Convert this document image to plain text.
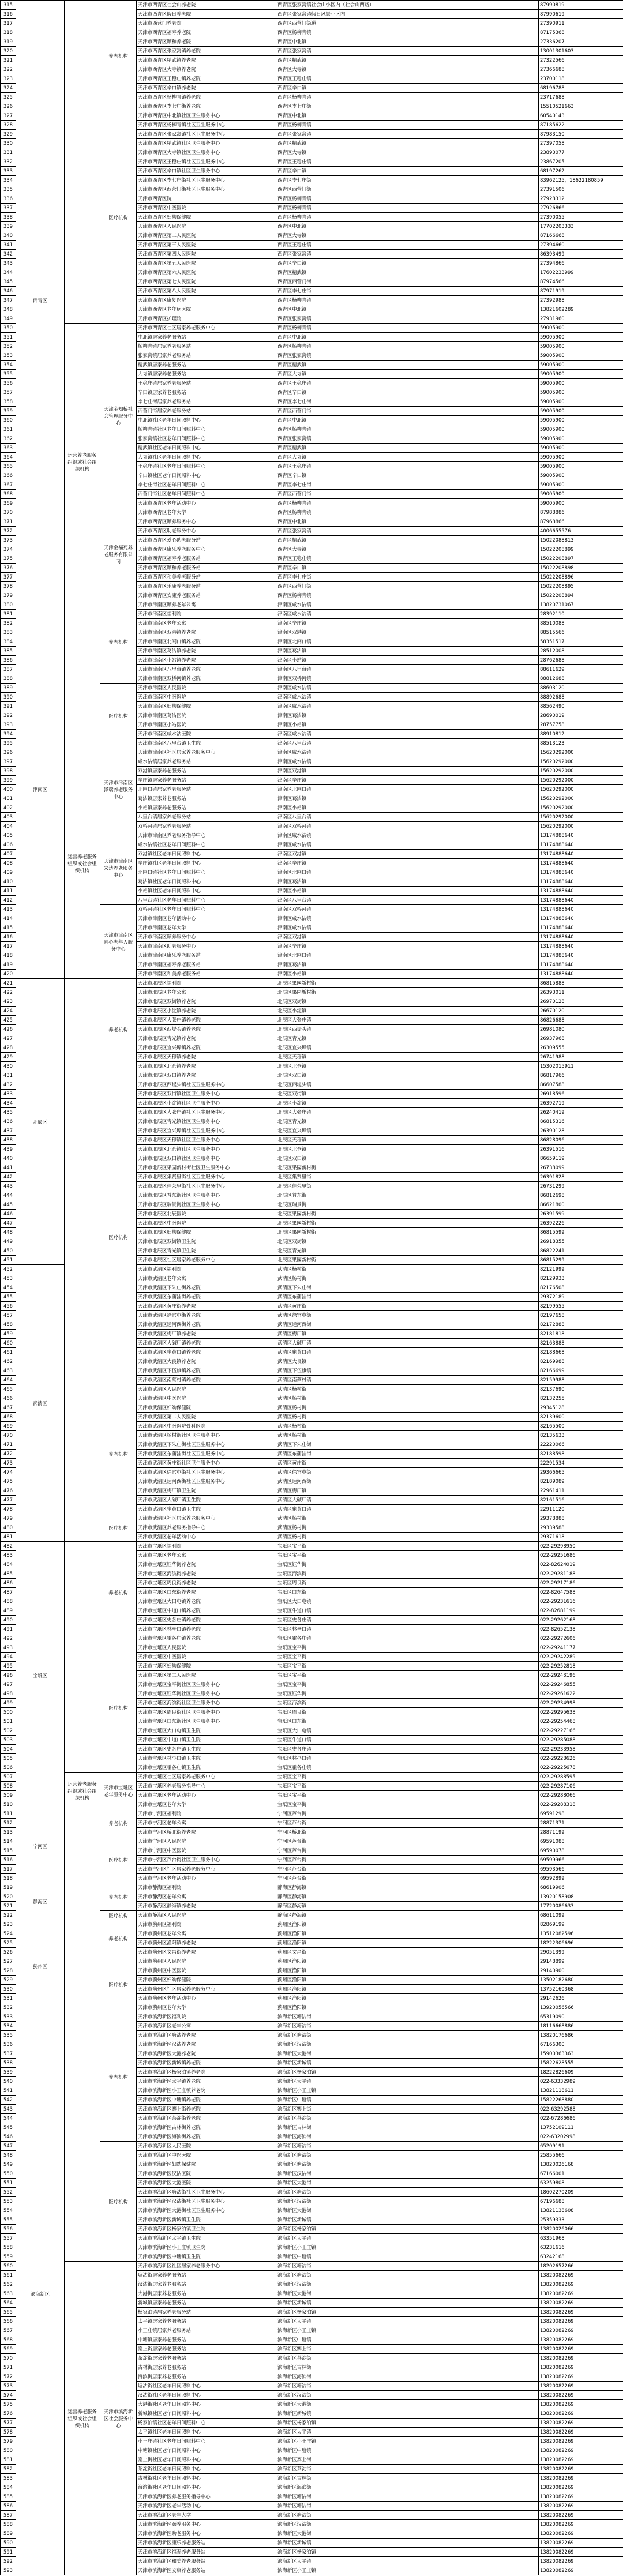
315	西青区		养老机构	天津市西青区社会山养老院	西青区张家窝镇社会山小区内（社会山西路）	87990819
316				天津市西青区假日养老院	西青区张家窝镇假日风景小区内	87990619
317				天津市西营门养老院	西青区西营门街道	27390911
318				天津市西青区福寿养老院	西青区杨柳青镇	87175368
319				天津市西青区颐和养老院	西青区中北镇	27336207
320				天津市西青区张家窝镇养老院	西青区张家窝镇	13001301603
321				天津市西青区精武镇养老院	西青区精武镇	27322566
322				天津市西青区大寺镇养老院	西青区大寺镇	27366688
323				天津市西青区王稳庄镇养老院	西青区王稳庄镇	23700118
324				天津市西青区辛口镇养老院	西青区辛口镇	68196788
325				天津市西青区杨柳青镇养老院	西青区杨柳青镇	23717688
326				天津市西青区李七庄街养老院	西青区李七庄街	15510521663
327			医疗机构	天津市西青区中北镇社区卫生服务中心	西青区中北镇	60540143
328				天津市西青区杨柳青镇社区卫生服务中心	西青区杨柳青镇	87185622
329				天津市西青区张家窝镇社区卫生服务中心	西青区张家窝镇	87983150
330				天津市西青区精武镇社区卫生服务中心	西青区精武镇	27397058
331				天津市西青区大寺镇社区卫生服务中心	西青区大寺镇	23893077
332				天津市西青区王稳庄镇社区卫生服务中心	西青区王稳庄镇	23867205
333				天津市西青区辛口镇社区卫生服务中心	西青区辛口镇	68197262
334				天津市西青区李七庄街社区卫生服务中心	西青区李七庄街	83962125，18622180859
335				天津市西青区西营门街社区卫生服务中心	西青区西营门街	27391506
336				天津市西青医院	西青区杨柳青镇	27928312
337				天津市西青区中医医院	西青区杨柳青镇	27926866
338				天津市西青区妇幼保健院	西青区杨柳青镇	27390055
339				天津市西青区人民医院	西青区中北镇	17702203333
340				天津市西青区第二人民医院	西青区大寺镇	87166668
341				天津市西青区第三人民医院	西青区王稳庄镇	27394660
342				天津市西青区第四人民医院	西青区张家窝镇	86393499
343				天津市西青区第五人民医院	西青区辛口镇	27394866
344				天津市西青区第六人民医院	西青区精武镇	17602233999
345				天津市西青区第七人民医院	西青区西营门街	87974566
346				天津市西青区第八人民医院	西青区李七庄街	87971919
347				天津市西青区康复医院	西青区杨柳青镇	27392988
348				天津市西青区老年病医院	西青区中北镇	13821602289
349				天津市西青区护理院	西青区张家窝镇	27931960
350		运营养老服务组织或社会组织机构	天津金知桥社会管理服务中心	天津市西青区社区居家养老服务中心	西青区杨柳青镇	59005900
351				中北镇居家养老服务站	西青区中北镇	59005900
352				杨柳青镇居家养老服务站	西青区杨柳青镇	59005900
353				张家窝镇居家养老服务站	西青区张家窝镇	59005900
354				精武镇居家养老服务站	西青区精武镇	59005900
355				大寺镇居家养老服务站	西青区大寺镇	59005900
356				王稳庄镇居家养老服务站	西青区王稳庄镇	59005900
357				辛口镇居家养老服务站	西青区辛口镇	59005900
358				李七庄街居家养老服务站	西青区李七庄街	59005900
359				西营门街居家养老服务站	西青区西营门街	59005900
360				中北镇社区老年日间照料中心	西青区中北镇	59005900
361				杨柳青镇社区老年日间照料中心	西青区杨柳青镇	59005900
362				张家窝镇社区老年日间照料中心	西青区张家窝镇	59005900
363				精武镇社区老年日间照料中心	西青区精武镇	59005900
364				大寺镇社区老年日间照料中心	西青区大寺镇	59005900
365				王稳庄镇社区老年日间照料中心	西青区王稳庄镇	59005900
366				辛口镇社区老年日间照料中心	西青区辛口镇	59005900
367				李七庄街社区老年日间照料中心	西青区李七庄街	59005900
368				西营门街社区老年日间照料中心	西青区西营门街	59005900
369				天津市西青区老年活动中心	西青区杨柳青镇	59005900
370			天津金福苑养老服务有限公司	天津市西青区老年大学	西青区杨柳青镇	87988886
371				天津市西青区颐养服务中心	西青区中北镇	87968866
372				天津市西青区助老服务中心	西青区张家窝镇	4006655576
373				天津市西青区爱心助老服务站	西青区精武镇	15022088813
374				天津市西青区康乐养老服务中心	西青区大寺镇	15022208899
375				天津市西青区福寿养老服务站	西青区王稳庄镇	15022208897
376				天津市西青区颐和养老服务站	西青区辛口镇	15022208898
377				天津市西青区和美养老服务站	西青区李七庄街	15022208896
378				天津市西青区乐康养老服务站	西青区西营门街	15022208895
379				天津市西青区安康养老服务站	西青区杨柳青镇	15022208894
380	津南区		养老机构	天津市津南区颐养老年公寓	津南区咸水沽镇	13820731067
381				天津市津南区福利院	津南区咸水沽镇	28392110
382				天津市津南区老年公寓	津南区辛庄镇	88510088
383				天津市津南区双港镇养老院	津南区双港镇	88515566
384				天津市津南区北闸口镇养老院	津南区北闸口镇	58351517
385				天津市津南区葛沽镇养老院	津南区葛沽镇	28512008
386				天津市津南区小站镇养老院	津南区小站镇	28762688
387				天津市津南区八里台镇养老院	津南区八里台镇	88611629
388				天津市津南区双桥河镇养老院	津南区双桥河镇	88812688
389			医疗机构	天津市津南区人民医院	津南区咸水沽镇	88603120
390				天津市津南区中医医院	津南区咸水沽镇	88892688
391				天津市津南区妇幼保健院	津南区咸水沽镇	88562490
392				天津市津南区葛沽医院	津南区葛沽镇	28690019
393				天津市津南区小站医院	津南区小站镇	28757758
394				天津市津南区咸水沽医院	津南区咸水沽镇	88910812
395				天津市津南区八里台镇卫生院	津南区八里台镇	88513123
396		运营养老服务组织或社会组织机构	天津市津南区泽瑞养老服务中心	天津市津南区社区居家养老服务中心	津南区咸水沽镇	15620292000
397				咸水沽镇居家养老服务站	津南区咸水沽镇	15620292000
398				双港镇居家养老服务站	津南区双港镇	15620292000
399				辛庄镇居家养老服务站	津南区辛庄镇	15620292000
400				北闸口镇居家养老服务站	津南区北闸口镇	15620292000
401				葛沽镇居家养老服务站	津南区葛沽镇	15620292000
402				小站镇居家养老服务站	津南区小站镇	15620292000
403				八里台镇居家养老服务站	津南区八里台镇	15620292000
404				双桥河镇居家养老服务站	津南区双桥河镇	15620292000
405			天津市津南区宏达养老服务中心	天津市津南区养老服务指导中心	津南区咸水沽镇	13174888640
406				咸水沽镇社区老年日间照料中心	津南区咸水沽镇	13174888640
407				双港镇社区老年日间照料中心	津南区双港镇	13174888640
408				辛庄镇社区老年日间照料中心	津南区辛庄镇	13174888640
409				北闸口镇社区老年日间照料中心	津南区北闸口镇	13174888640
410				葛沽镇社区老年日间照料中心	津南区葛沽镇	13174888640
411				小站镇社区老年日间照料中心	津南区小站镇	13174888640
412				八里台镇社区老年日间照料中心	津南区八里台镇	13174888640
413			天津市津南区同心老年人服务中心	双桥河镇社区老年日间照料中心	津南区双桥河镇	13174888640
414				天津市津南区老年活动中心	津南区咸水沽镇	13174888640
415				天津市津南区老年大学	津南区咸水沽镇	13174888640
416				天津市津南区颐养服务中心	津南区双港镇	13174888640
417				天津市津南区助老服务中心	津南区辛庄镇	13174888640
418				天津市津南区康乐养老服务站	津南区北闸口镇	13174888640
419				天津市津南区福寿养老服务站	津南区葛沽镇	13174888640
420				天津市津南区和美养老服务站	津南区小站镇	13174888640
421	北辰区		养老机构	天津市北辰区福利院	北辰区果园新村街	86815888
422				天津市北辰区老年公寓	北辰区果园新村街	26393011
423				天津市北辰区双街镇养老院	北辰区双街镇	26970128
424				天津市北辰区小淀镇养老院	北辰区小淀镇	26670120
425				天津市北辰区大张庄镇养老院	北辰区大张庄镇	86826688
426				天津市北辰区西堤头镇养老院	北辰区西堤头镇	26981080
427				天津市北辰区青光镇养老院	北辰区青光镇	26937968
428				天津市北辰区宜兴埠镇养老院	北辰区宜兴埠镇	26309555
429				天津市北辰区天穆镇养老院	北辰区天穆镇	26741988
430				天津市北辰区北仓镇养老院	北辰区北仓镇	15302015911
431				天津市北辰区双口镇养老院	北辰区双口镇	86817966
432			医疗机构	天津市北辰区西堤头镇社区卫生服务中心	北辰区西堤头镇	86607588
433				天津市北辰区双街镇社区卫生服务中心	北辰区双街镇	26918596
434				天津市北辰区小淀镇社区卫生服务中心	北辰区小淀镇	26392719
435				天津市北辰区大张庄镇社区卫生服务中心	北辰区大张庄镇	26240419
436				天津市北辰区青光镇社区卫生服务中心	北辰区青光镇	86815316
437				天津市北辰区宜兴埠镇社区卫生服务中心	北辰区宜兴埠镇	26390128
438				天津市北辰区天穆镇社区卫生服务中心	北辰区天穆镇	86828096
439				天津市北辰区北仓镇社区卫生服务中心	北辰区北仓镇	26391516
440				天津市北辰区双口镇社区卫生服务中心	北辰区双口镇	86659119
441				天津市北辰区果园新村街社区卫生服务中心	北辰区果园新村街	26738099
442				天津市北辰区集贤里街社区卫生服务中心	北辰区集贤里街	26391828
443				天津市北辰区佳荣里街社区卫生服务中心	北辰区佳荣里街	26731299
444				天津市北辰区普东街社区卫生服务中心	北辰区普东街	86812698
445				天津市北辰区瑞景街社区卫生服务中心	北辰区瑞景街	86621800
446				天津市北辰区北辰医院	北辰区果园新村街	26391599
447				天津市北辰区中医医院	北辰区果园新村街	26392226
448				天津市北辰区妇幼保健院	北辰区果园新村街	86815599
449				天津市北辰区双街镇卫生院	北辰区双街镇	26918355
450				天津市北辰区青光镇卫生院	北辰区青光镇	86822241
451				天津市北辰区社区居家养老服务中心	北辰区果园新村街	86815299
452	武清区			天津市武清区福利院	武清区杨村街	82121999
453				天津市武清区老年公寓	武清区杨村街	82129933
454				天津市武清区下朱庄街养老院	武清区下朱庄街	82176508
455				天津市武清区东蒲洼街养老院	武清区东蒲洼街	29372189
456				天津市武清区黄庄街养老院	武清区黄庄街	82199555
457				天津市武清区徐官屯街养老院	武清区徐官屯街	82197658
458				天津市武清区运河西街养老院	武清区运河西街	82172888
459				天津市武清区梅厂镇养老院	武清区梅厂镇	82181818
460				天津市武清区大碱厂镇养老院	武清区大碱厂镇	82163888
461				天津市武清区崔黄口镇养老院	武清区崔黄口镇	82188668
462				天津市武清区大良镇养老院	武清区大良镇	82169988
463				天津市武清区下伍旗镇养老院	武清区下伍旗镇	82166699
464				天津市武清区南蔡村镇养老院	武清区南蔡村镇	82159988
465				天津市武清区人民医院	武清区杨村街	82137690
466			养老机构	天津市武清区中医医院	武清区杨村街	82132255
467				天津市武清区妇幼保健院	武清区杨村街	29345128
468				天津市武清区第二人民医院	武清区杨村街	82139600
469				天津市武清区中医医院骨科医院	武清区杨村街	82165500
470				天津市武清区杨村街社区卫生服务中心	武清区杨村街	82135633
471				天津市武清区下朱庄街社区卫生服务中心	武清区下朱庄街	22220066
472				天津市武清区东蒲洼街社区卫生服务中心	武清区东蒲洼街	82188598
473				天津市武清区黄庄街社区卫生服务中心	武清区黄庄街	22291534
474				天津市武清区徐官屯街社区卫生服务中心	武清区徐官屯街	29366665
475				天津市武清区运河西街社区卫生服务中心	武清区运河西街	82189089
476				天津市武清区梅厂镇卫生院	武清区梅厂镇	22961411
477				天津市武清区大碱厂镇卫生院	武清区大碱厂镇	82161516
478				天津市武清区崔黄口镇卫生院	武清区崔黄口镇	22911120
479			医疗机构	天津市武清区社区居家养老服务中心	武清区杨村街	29378888
480				天津市武清区养老服务指导中心	武清区杨村街	29339588
481				天津市武清区老年活动中心	武清区杨村街	29371618
482	宝坻区		养老机构	天津市宝坻区福利院	宝坻区宝平街	022-29298950
483				天津市宝坻区老年公寓	宝坻区宝平街	022-29251686
484				天津市宝坻区钰华街养老院	宝坻区钰华街	022-82624019
485				天津市宝坻区海滨街养老院	宝坻区海滨街	022-29281188
486				天津市宝坻区周良街养老院	宝坻区周良街	022-29217186
487				天津市宝坻区口东街养老院	宝坻区口东街	022-82647588
488				天津市宝坻区大口屯镇养老院	宝坻区大口屯镇	022-29231616
489				天津市宝坻区牛道口镇养老院	宝坻区牛道口镇	022-82681199
490				天津市宝坻区史各庄镇养老院	宝坻区史各庄镇	022-29262168
491				天津市宝坻区林亭口镇养老院	宝坻区林亭口镇	022-82652138
492				天津市宝坻区霍各庄镇养老院	宝坻区霍各庄镇	022-29272606
493			医疗机构	天津市宝坻区人民医院	宝坻区宝平街	022-29241177
494				天津市宝坻区中医医院	宝坻区宝平街	022-29242289
495				天津市宝坻区妇幼保健院	宝坻区宝平街	022-29252818
496				天津市宝坻区第二人民医院	宝坻区宝平街	022-29243196
497				天津市宝坻区宝平街社区卫生服务中心	宝坻区宝平街	022-29246855
498				天津市宝坻区钰华街社区卫生服务中心	宝坻区钰华街	022-29261622
499				天津市宝坻区海滨街社区卫生服务中心	宝坻区海滨街	022-29234998
500				天津市宝坻区周良街社区卫生服务中心	宝坻区周良街	022-29295638
501				天津市宝坻区口东街社区卫生服务中心	宝坻区口东街	022-29254468
502				天津市宝坻区大口屯镇卫生院	宝坻区大口屯镇	022-29227166
503				天津市宝坻区牛道口镇卫生院	宝坻区牛道口镇	022-29285088
504				天津市宝坻区史各庄镇卫生院	宝坻区史各庄镇	022-29233958
505				天津市宝坻区林亭口镇卫生院	宝坻区林亭口镇	022-29228626
506				天津市宝坻区霍各庄镇卫生院	宝坻区霍各庄镇	022-29225678
507		运营养老服务组织或社会组织机构	天津市宝坻区老年服务中心	天津市宝坻区社区居家养老服务中心	宝坻区宝平街	022-29288595
508				天津市宝坻区养老服务指导中心	宝坻区宝平街	022-29287106
509				天津市宝坻区老年活动中心	宝坻区宝平街	022-29288066
510				天津市宝坻区老年大学	宝坻区宝平街	022-29288318
511	宁河区		养老机构	天津市宁河区福利院	宁河区芦台街	69591298
512				天津市宁河区老年公寓	宁河区芦台街	28871371
513				天津市宁河区桥北街养老院	宁河区桥北街	28871199
514			医疗机构	天津市宁河区人民医院	宁河区芦台街	69591088
515				天津市宁河区中医医院	宁河区芦台街	69590078
516				天津市宁河区芦台街社区卫生服务中心	宁河区芦台街	69599966
517				天津市宁河区社区居家养老服务中心	宁河区芦台街	69593566
518				天津市宁河区老年活动中心	宁河区芦台街	69592899
519	静海区		养老机构	天津市静海区福利院	静海区静海镇	68619906
520				天津市静海区老年公寓	静海区静海镇	13920158908
521				天津市静海区静海镇养老院	静海区静海镇	17720086633
522			医疗机构	天津市静海区人民医院	静海区静海镇	68611099
523	蓟州区		养老机构	天津市蓟州区福利院	蓟州区渔阳镇	82869199
524				天津市蓟州区老年公寓	蓟州区渔阳镇	13512082596
525				天津市蓟州区渔阳镇养老院	蓟州区渔阳镇	18222306696
526				天津市蓟州区文昌街养老院	蓟州区文昌街	29051399
527			医疗机构	天津市蓟州区人民医院	蓟州区渔阳镇	29148899
528				天津市蓟州区中医医院	蓟州区渔阳镇	29140900
529				天津市蓟州区妇幼保健院	蓟州区渔阳镇	13502182680
530				天津市蓟州区社区居家养老服务中心	蓟州区渔阳镇	13752160368
531				天津市蓟州区老年活动中心	蓟州区渔阳镇	29142626
532				天津市蓟州区老年大学	蓟州区渔阳镇	13920056566
533	滨海新区		养老机构	天津市滨海新区福利院	滨海新区塘沽街	65319090
534				天津市滨海新区老年公寓	滨海新区塘沽街	18116668886
535				天津市滨海新区塘沽养老院	滨海新区塘沽街	13820176686
536				天津市滨海新区汉沽养老院	滨海新区汉沽街	67166300
537				天津市滨海新区大港养老院	滨海新区大港街	15900363363
538				天津市滨海新区新城镇养老院	滨海新区新城镇	15822628555
539				天津市滨海新区杨家泊镇养老院	滨海新区杨家泊镇	18222826609
540				天津市滨海新区太平镇养老院	滨海新区太平镇	022-63332989
541				天津市滨海新区小王庄镇养老院	滨海新区小王庄镇	13821118611
542				天津市滨海新区中塘镇养老院	滨海新区中塘镇	15822268880
543				天津市滨海新区寨上街养老院	滨海新区寨上街	022-63292588
544				天津市滨海新区茶淀街养老院	滨海新区茶淀街	022-67286686
545				天津市滨海新区古林街养老院	滨海新区古林街	13752109111
546				天津市滨海新区海滨街养老院	滨海新区海滨街	022-63202998
547			医疗机构	天津市滨海新区人民医院	滨海新区塘沽街	65209191
548				天津市滨海新区中医医院	滨海新区塘沽街	25855666
549				天津市滨海新区妇幼保健院	滨海新区塘沽街	13820026168
550				天津市滨海新区汉沽医院	滨海新区汉沽街	67166001
551				天津市滨海新区大港医院	滨海新区大港街	63259808
552				天津市滨海新区塘沽街社区卫生服务中心	滨海新区塘沽街	18602270209
553				天津市滨海新区汉沽街社区卫生服务中心	滨海新区汉沽街	67196688
554				天津市滨海新区大港街社区卫生服务中心	滨海新区大港街	13821138608
555				天津市滨海新区新城镇卫生院	滨海新区新城镇	25359333
556				天津市滨海新区杨家泊镇卫生院	滨海新区杨家泊镇	13820026066
557				天津市滨海新区太平镇卫生院	滨海新区太平镇	63351968
558				天津市滨海新区小王庄镇卫生院	滨海新区小王庄镇	63231616
559				天津市滨海新区中塘镇卫生院	滨海新区中塘镇	63242168
560		运营养老服务组织或社会组织机构	天津市滨海新区社会服务中心	天津市滨海新区社区居家养老服务中心	滨海新区塘沽街	18202657266
561				塘沽街居家养老服务站	滨海新区塘沽街	13820082269
562				汉沽街居家养老服务站	滨海新区汉沽街	13820082269
563				大港街居家养老服务站	滨海新区大港街	13820082269
564				新城镇居家养老服务站	滨海新区新城镇	13820082269
565				杨家泊镇居家养老服务站	滨海新区杨家泊镇	13820082269
566				太平镇居家养老服务站	滨海新区太平镇	13820082269
567				小王庄镇居家养老服务站	滨海新区小王庄镇	13820082269
568				中塘镇居家养老服务站	滨海新区中塘镇	13820082269
569				寨上街居家养老服务站	滨海新区寨上街	13820082269
570				茶淀街居家养老服务站	滨海新区茶淀街	13820082269
571				古林街居家养老服务站	滨海新区古林街	13820082269
572				海滨街居家养老服务站	滨海新区海滨街	13820082269
573				塘沽街社区老年日间照料中心	滨海新区塘沽街	13820082269
574				汉沽街社区老年日间照料中心	滨海新区汉沽街	13820082269
575				大港街社区老年日间照料中心	滨海新区大港街	13820082269
576				新城镇社区老年日间照料中心	滨海新区新城镇	13820082269
577				杨家泊镇社区老年日间照料中心	滨海新区杨家泊镇	13820082269
578				太平镇社区老年日间照料中心	滨海新区太平镇	13820082269
579				小王庄镇社区老年日间照料中心	滨海新区小王庄镇	13820082269
580				中塘镇社区老年日间照料中心	滨海新区中塘镇	13820082269
581				寨上街社区老年日间照料中心	滨海新区寨上街	13820082269
582				茶淀街社区老年日间照料中心	滨海新区茶淀街	13820082269
583				古林街社区老年日间照料中心	滨海新区古林街	13820082269
584				海滨街社区老年日间照料中心	滨海新区海滨街	13820082269
585				天津市滨海新区养老服务指导中心	滨海新区塘沽街	13820082269
586				天津市滨海新区老年活动中心	滨海新区塘沽街	13820082269
587				天津市滨海新区老年大学	滨海新区塘沽街	13820082269
588				天津市滨海新区颐养服务中心	滨海新区汉沽街	13820082269
589				天津市滨海新区助老服务中心	滨海新区大港街	13820082269
590				天津市滨海新区康乐养老服务站	滨海新区新城镇	13820082269
591				天津市滨海新区福寿养老服务站	滨海新区杨家泊镇	13820082269
592				天津市滨海新区和美养老服务站	滨海新区太平镇	13820082269
593				天津市滨海新区安康养老服务站	滨海新区小王庄镇	13820082269
